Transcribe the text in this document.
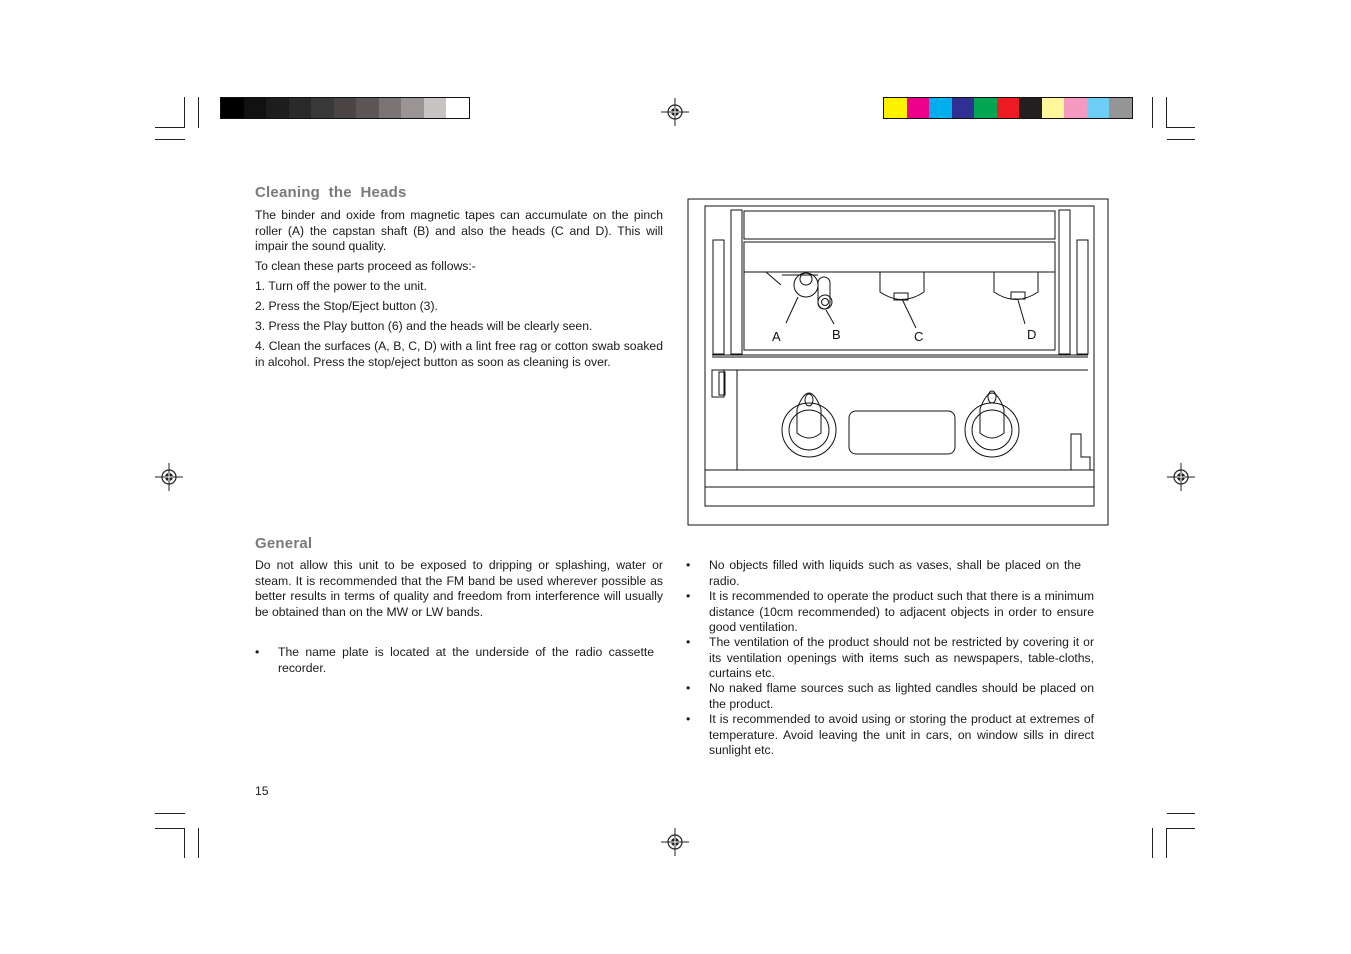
Cleaning  the  Heads

The binder and oxide from magnetic tapes can accumulate on the pinch roller (A) the capstan shaft (B) and also the heads (C and D). This will impair the sound quality.

To clean these parts proceed as follows:-

1. Turn off the power to the unit.

2. Press the Stop/Eject button (3).

3. Press the Play button (6) and the heads will be clearly seen.

4. Clean the surfaces (A, B, C, D) with a lint free rag or cotton swab soaked in alcohol. Press the stop/eject button as soon as cleaning is over.

A	B	C	D
General

Do not allow this unit to be exposed to dripping or splashing, water or steam. It is recommended that the FM band be used wherever possible as better results in terms of quality and freedom from interference will usually be obtained than on the MW or LW bands.

• The name plate is located at the underside of the radio cassette recorder.
• No objects filled with liquids such as vases, shall be placed on the radio.
• It is recommended to operate the product such that there is a minimum distance (10cm recommended) to adjacent objects in order to ensure good ventilation.
• The ventilation of the product should not be restricted by covering it or its ventilation openings with items such as newspapers, table-cloths, curtains etc.
• No naked flame sources such as lighted candles should be placed on the product.
• It is recommended to avoid using or storing the product at extremes of temperature. Avoid leaving the unit in cars, on window sills in direct sunlight etc.
15
